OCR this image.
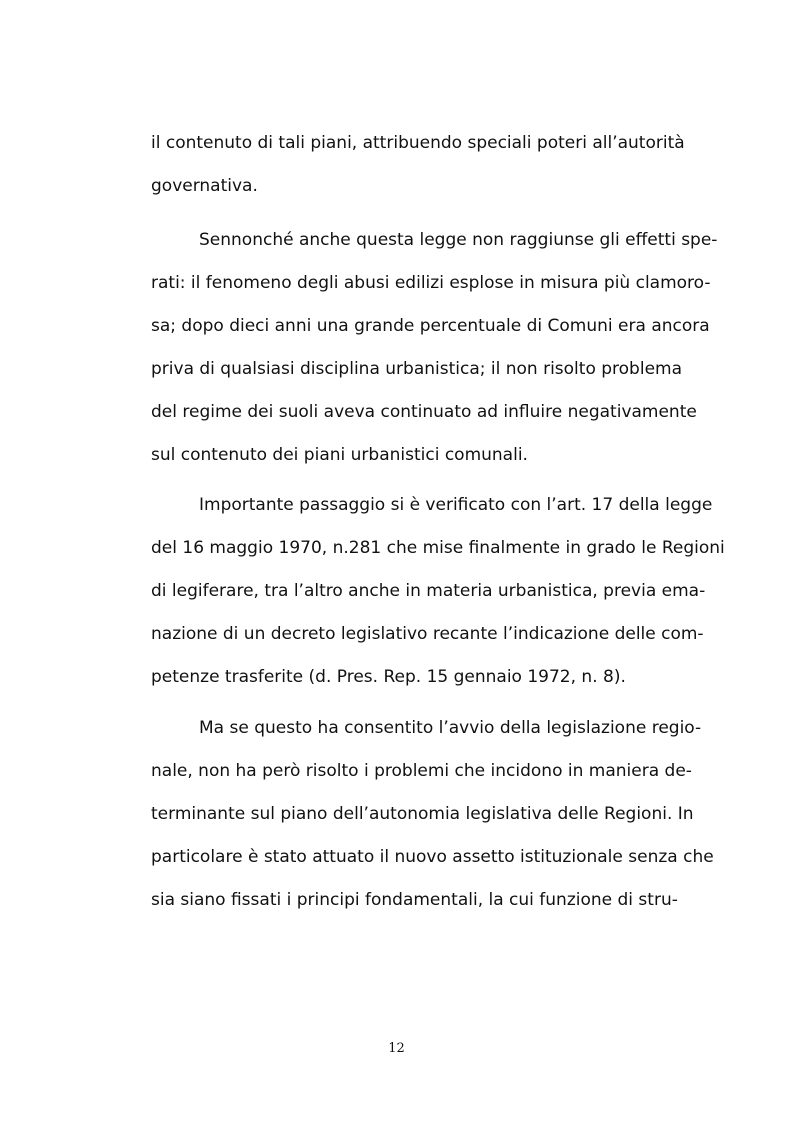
il contenuto di tali piani, attribuendo speciali poteri all’autorità
governativa.
Sennonché anche questa legge non raggiunse gli effetti spe-
rati: il fenomeno degli abusi edilizi esplose in misura più clamoro-
sa; dopo dieci anni una grande percentuale di Comuni era ancora
priva di qualsiasi disciplina urbanistica; il non risolto problema
del regime dei suoli aveva continuato ad influire negativamente
sul contenuto dei piani urbanistici comunali.
Importante passaggio si è verificato con l’art. 17 della legge
del 16 maggio 1970, n.281 che mise finalmente in grado le Regioni
di legiferare, tra l’altro anche in materia urbanistica, previa ema-
nazione di un decreto legislativo recante l’indicazione delle com-
petenze trasferite (d. Pres. Rep. 15 gennaio 1972, n. 8).
Ma se questo ha consentito l’avvio della legislazione regio-
nale, non ha però risolto i problemi che incidono in maniera de-
terminante sul piano dell’autonomia legislativa delle Regioni. In
particolare è stato attuato il nuovo assetto istituzionale senza che
sia siano fissati i principi fondamentali, la cui funzione di stru-
12
